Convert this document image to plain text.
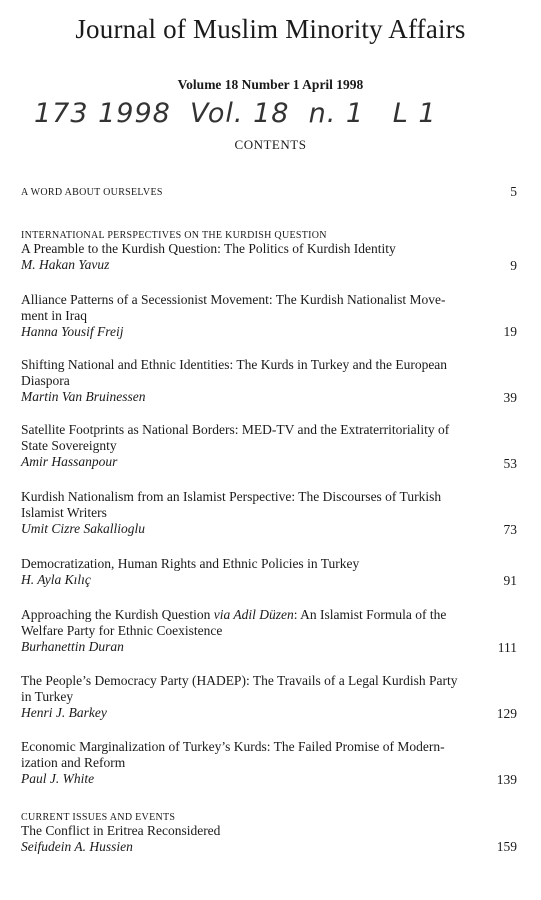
Journal of Muslim Minority Affairs
Volume 18 Number 1 April 1998
173 1998  Vol. 18  n. 1   L 1
CONTENTS
A WORD ABOUT OURSELVES	5
INTERNATIONAL PERSPECTIVES ON THE KURDISH QUESTION
A Preamble to the Kurdish Question: The Politics of Kurdish Identity
M. Hakan Yavuz	9
Alliance Patterns of a Secessionist Movement: The Kurdish Nationalist Move-ment in Iraq
Hanna Yousif Freij	19
Shifting National and Ethnic Identities: The Kurds in Turkey and the European Diaspora
Martin Van Bruinessen	39
Satellite Footprints as National Borders: MED-TV and the Extraterritoriality of State Sovereignty
Amir Hassanpour	53
Kurdish Nationalism from an Islamist Perspective: The Discourses of Turkish Islamist Writers
Umit Cizre Sakallioglu	73
Democratization, Human Rights and Ethnic Policies in Turkey
H. Ayla Kılıç	91
Approaching the Kurdish Question via Adil Düzen: An Islamist Formula of the Welfare Party for Ethnic Coexistence
Burhanettin Duran	111
The People’s Democracy Party (HADEP): The Travails of a Legal Kurdish Party in Turkey
Henri J. Barkey	129
Economic Marginalization of Turkey’s Kurds: The Failed Promise of Modern-ization and Reform
Paul J. White	139
CURRENT ISSUES AND EVENTS
The Conflict in Eritrea Reconsidered
Seifudein A. Hussien	159
